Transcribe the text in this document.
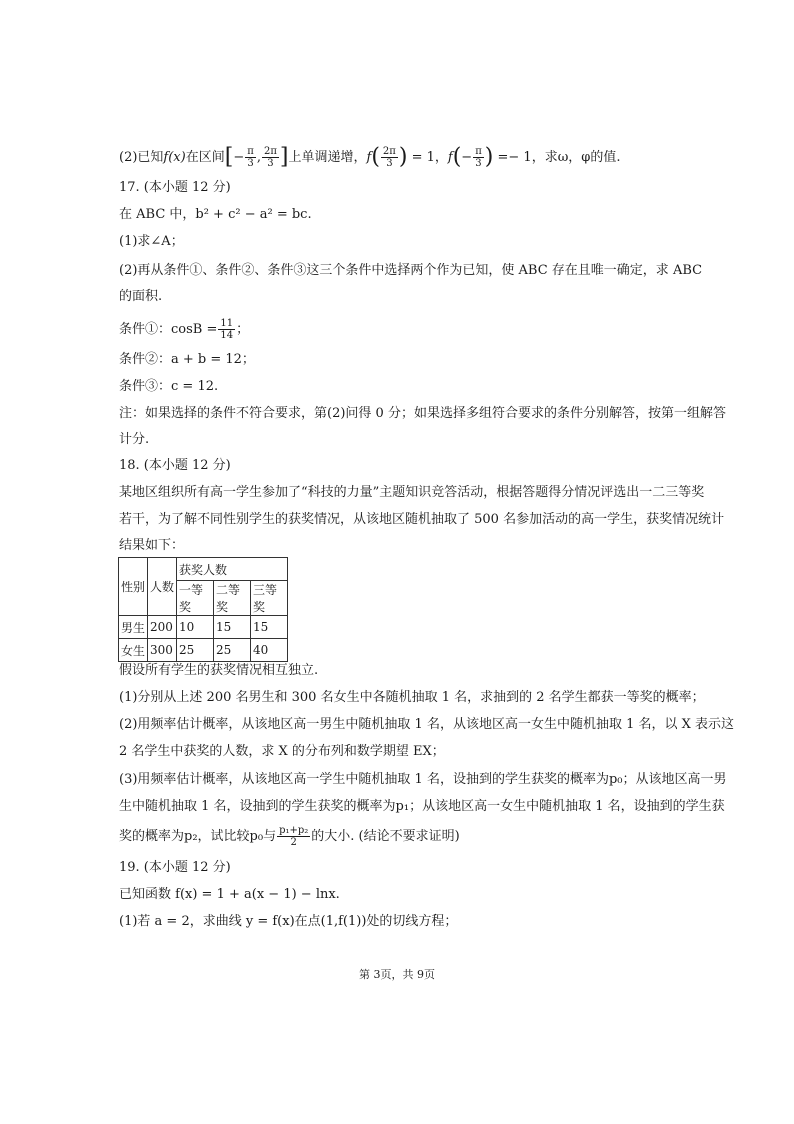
(2)已知f(x)在区间[− $\frac{\pi}{3}$ , $\frac{2\pi}{3}$ ]上单调递增，$f( \frac{2\pi}{3}$ ) = 1，$f(- \frac{\pi}{3}$ ) =− 1，求ω，φ的值.
17. (本小题 12 分)
在 ABC 中，b² + c² − a² = bc.
(1)求∠A；
(2)再从条件①、条件②、条件③这三个条件中选择两个作为已知，使 ABC 存在且唯一确定，求 ABC
的面积.
条件①：$\cos B = \frac{11}{14}$ ；
条件②：a + b = 12；
条件③：c = 12.
注：如果选择的条件不符合要求，第(2)问得 0 分；如果选择多组符合要求的条件分别解答，按第一组解答
计分.
18. (本小题 12 分)
某地区组织所有高一学生参加了“科技的力量”主题知识竞答活动，根据答题得分情况评选出一二三等奖
若干，为了解不同性别学生的获奖情况，从该地区随机抽取了 500 名参加活动的高一学生，获奖情况统计
结果如下：
性别	人数	获奖人数		
		一等奖	二等奖	三等奖
男生	200	10	15	15
女生	300	25	25	40
假设所有学生的获奖情况相互独立.
(1)分别从上述 200 名男生和 300 名女生中各随机抽取 1 名，求抽到的 2 名学生都获一等奖的概率；
(2)用频率估计概率，从该地区高一男生中随机抽取 1 名，从该地区高一女生中随机抽取 1 名，以 X 表示这
2 名学生中获奖的人数，求 X 的分布列和数学期望 EX；
(3)用频率估计概率，从该地区高一学生中随机抽取 1 名，设抽到的学生获奖的概率为p₀；从该地区高一男
生中随机抽取 1 名，设抽到的学生获奖的概率为p₁；从该地区高一女生中随机抽取 1 名，设抽到的学生获
奖的概率为p₂，试比较p₀与 $\frac{\text{p₁+p₂}}{2}$ 的大小. (结论不要求证明)
19. (本小题 12 分)
已知函数 f(x) = 1 + a(x − 1) − lnx.
(1)若 a = 2，求曲线 y = f(x)在点(1,f(1))处的切线方程；
第 3页，共 9页
